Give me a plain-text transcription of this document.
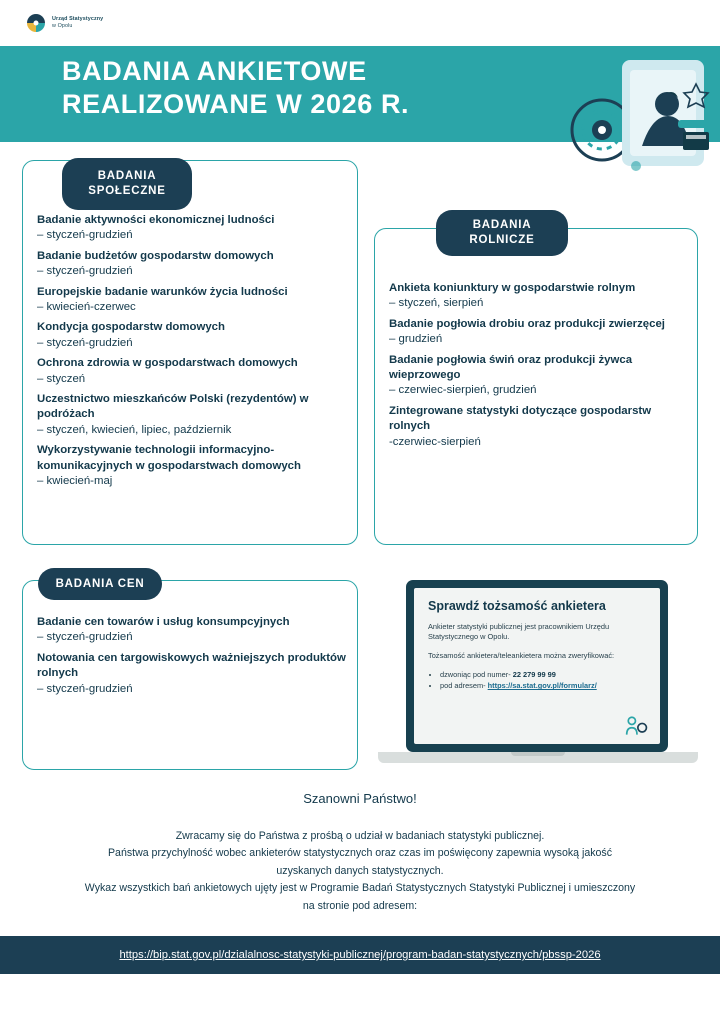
Urząd Statystyczny
w Opolu
BADANIA ANKIETOWE
REALIZOWANE W 2026 R.
Badanie aktywności ekonomicznej ludności
– styczeń-grudzień
Badanie budżetów gospodarstw domowych
– styczeń-grudzień
Europejskie badanie warunków życia ludności
– kwiecień-czerwec
Kondycja gospodarstw domowych
– styczeń-grudzień
Ochrona zdrowia w gospodarstwach domowych
– styczeń
Uczestnictwo mieszkańców Polski (rezydentów) w podróżach
– styczeń, kwiecień, lipiec, październik
Wykorzystywanie technologii informacyjno-komunikacyjnych w gospodarstwach domowych
– kwiecień-maj
BADANIA
SPOŁECZNE
Ankieta koniunktury w gospodarstwie rolnym
– styczeń, sierpień
Badanie pogłowia drobiu oraz produkcji zwierzęcej
– grudzień
Badanie pogłowia świń oraz produkcji żywca wieprzowego
– czerwiec-sierpień, grudzień
Zintegrowane statystyki dotyczące gospodarstw rolnych
-czerwiec-sierpień
BADANIA
ROLNICZE
Badanie cen towarów i usług konsumpcyjnych
– styczeń-grudzień
Notowania cen targowiskowych ważniejszych produktów rolnych
– styczeń-grudzień
BADANIA CEN
Sprawdź tożsamość ankietera
Ankieter statystyki publicznej jest pracownikiem Urzędu Statystycznego w Opolu.
Tożsamość ankietera/teleankietera można zweryfikować:
• dzwoniąc pod numer- 22 279 99 99
• pod adresem- https://sa.stat.gov.pl/formularz/
Szanowni Państwo!
Zwracamy się do Państwa z prośbą o udział w badaniach statystyki publicznej.
Państwa przychylność wobec ankieterów statystycznych oraz czas im poświęcony zapewnia wysoką jakość
uzyskanych danych statystycznych.
Wykaz wszystkich bań ankietowych ujęty jest w Programie Badań Statystycznych Statystyki Publicznej i umieszczony
na stronie pod adresem:
https://bip.stat.gov.pl/dzialalnosc-statystyki-publicznej/program-badan-statystycznych/pbssp-2026
